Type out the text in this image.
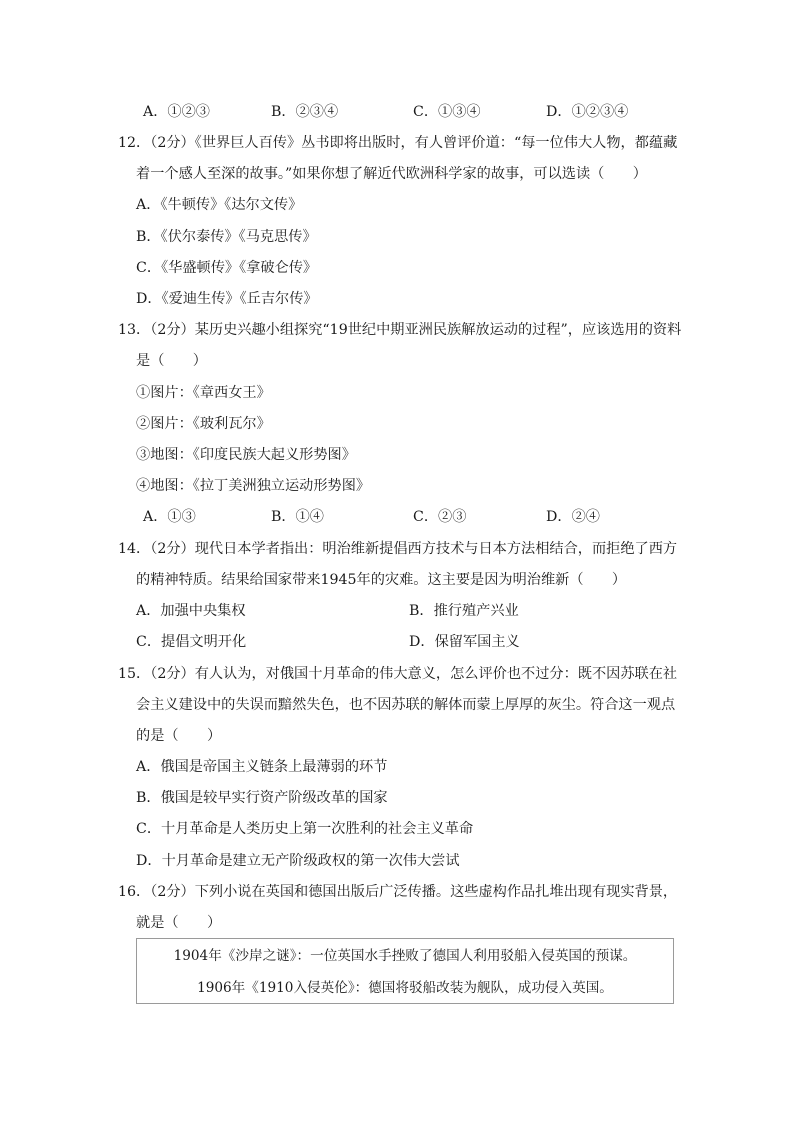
A．①②③	B．②③④	C．①③④	D．①②③④
12．（2分）《世界巨人百传》丛书即将出版时，有人曾评价道：“每一位伟大人物，都蕴藏
着一个感人至深的故事。”如果你想了解近代欧洲科学家的故事，可以选读（　　）
A．《牛顿传》《达尔文传》
B．《伏尔泰传》《马克思传》
C．《华盛顿传》《拿破仑传》
D．《爱迪生传》《丘吉尔传》
13．（2分）某历史兴趣小组探究“19世纪中期亚洲民族解放运动的过程”，应该选用的资料
是（　　）
①图片：《章西女王》
②图片：《玻利瓦尔》
③地图：《印度民族大起义形势图》
④地图：《拉丁美洲独立运动形势图》
A．①③	B．①④	C．②③	D．②④
14．（2分）现代日本学者指出：明治维新提倡西方技术与日本方法相结合，而拒绝了西方
的精神特质。结果给国家带来1945年的灾难。这主要是因为明治维新（　　）
A．加强中央集权	B．推行殖产兴业
C．提倡文明开化	D．保留军国主义
15．（2分）有人认为，对俄国十月革命的伟大意义，怎么评价也不过分：既不因苏联在社
会主义建设中的失误而黯然失色，也不因苏联的解体而蒙上厚厚的灰尘。符合这一观点
的是（　　）
A．俄国是帝国主义链条上最薄弱的环节
B．俄国是较早实行资产阶级改革的国家
C．十月革命是人类历史上第一次胜利的社会主义革命
D．十月革命是建立无产阶级政权的第一次伟大尝试
16．（2分）下列小说在英国和德国出版后广泛传播。这些虚构作品扎堆出现有现实背景，
就是（　　）
1904年《沙岸之谜》：一位英国水手挫败了德国人利用驳船入侵英国的预谋。
1906年《1910入侵英伦》：德国将驳船改装为舰队，成功侵入英国。
